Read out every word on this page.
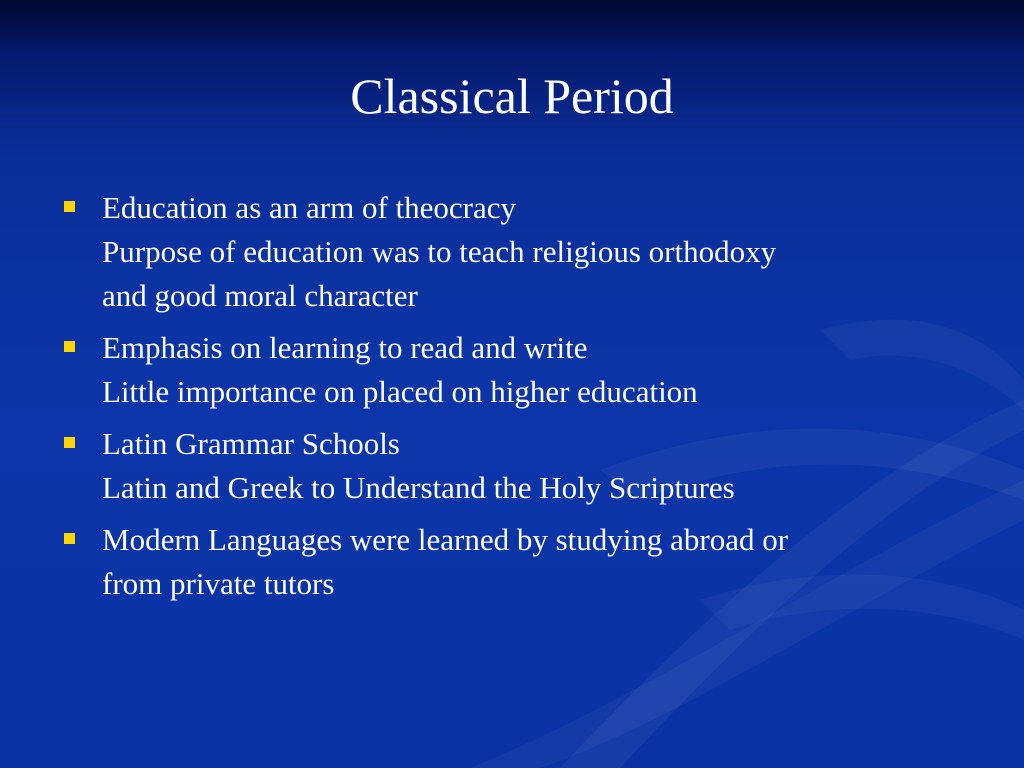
Classical Period
Education as an arm of theocracy
Purpose of education was to teach religious orthodoxy
and good moral character
Emphasis on learning to read and write
Little importance on placed on higher education
Latin Grammar Schools
Latin and Greek to Understand the Holy Scriptures
Modern Languages were learned by studying abroad or
from private tutors
